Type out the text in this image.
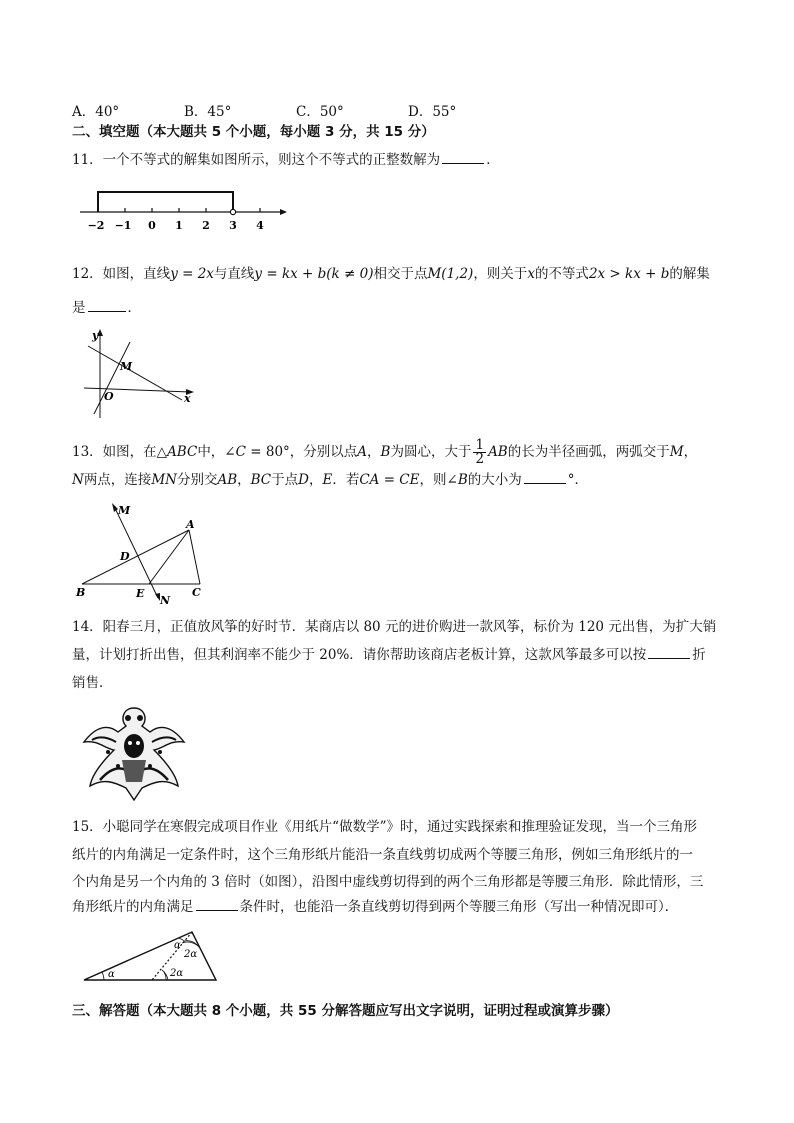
A．40°	B．45°	C．50°	D．55°
二、填空题（本大题共 5 个小题，每小题 3 分，共 15 分）
11．一个不等式的解集如图所示，则这个不等式的正整数解为	．
−2 −1 0 1 2 3 4
12．如图，直线y = 2x与直线y = kx + b(k ≠ 0)相交于点M(1,2)，则关于x的不等式2x > kx + b的解集
是	．
y
x
O
M
13．如图，在△ABC中，∠C = 80°，分别以点A，B为圆心，大于 $\frac{1}{2}$ AB的长为半径画弧，两弧交于M，
N两点，连接MN分别交AB，BC于点D，E．若CA = CE，则∠B的大小为	°．
M
A
D
B	E
N
C
14．阳春三月，正值放风筝的好时节．某商店以 80 元的进价购进一款风筝，标价为 120 元出售，为扩大销
量，计划打折出售，但其利润率不能少于 20%．请你帮助该商店老板计算，这款风筝最多可以按	折
销售．
15．小聪同学在寒假完成项目作业《用纸片“做数学”》时，通过实践探索和推理验证发现，当一个三角形
纸片的内角满足一定条件时，这个三角形纸片能沿一条直线剪切成两个等腰三角形，例如三角形纸片的一
个内角是另一个内角的 3 倍时（如图），沿图中虚线剪切得到的两个三角形都是等腰三角形．除此情形，三
角形纸片的内角满足	条件时，也能沿一条直线剪切得到两个等腰三角形（写出一种情况即可）．
α
α
2α
2α
三、解答题（本大题共 8 个小题，共 55 分解答题应写出文字说明，证明过程或演算步骤）
